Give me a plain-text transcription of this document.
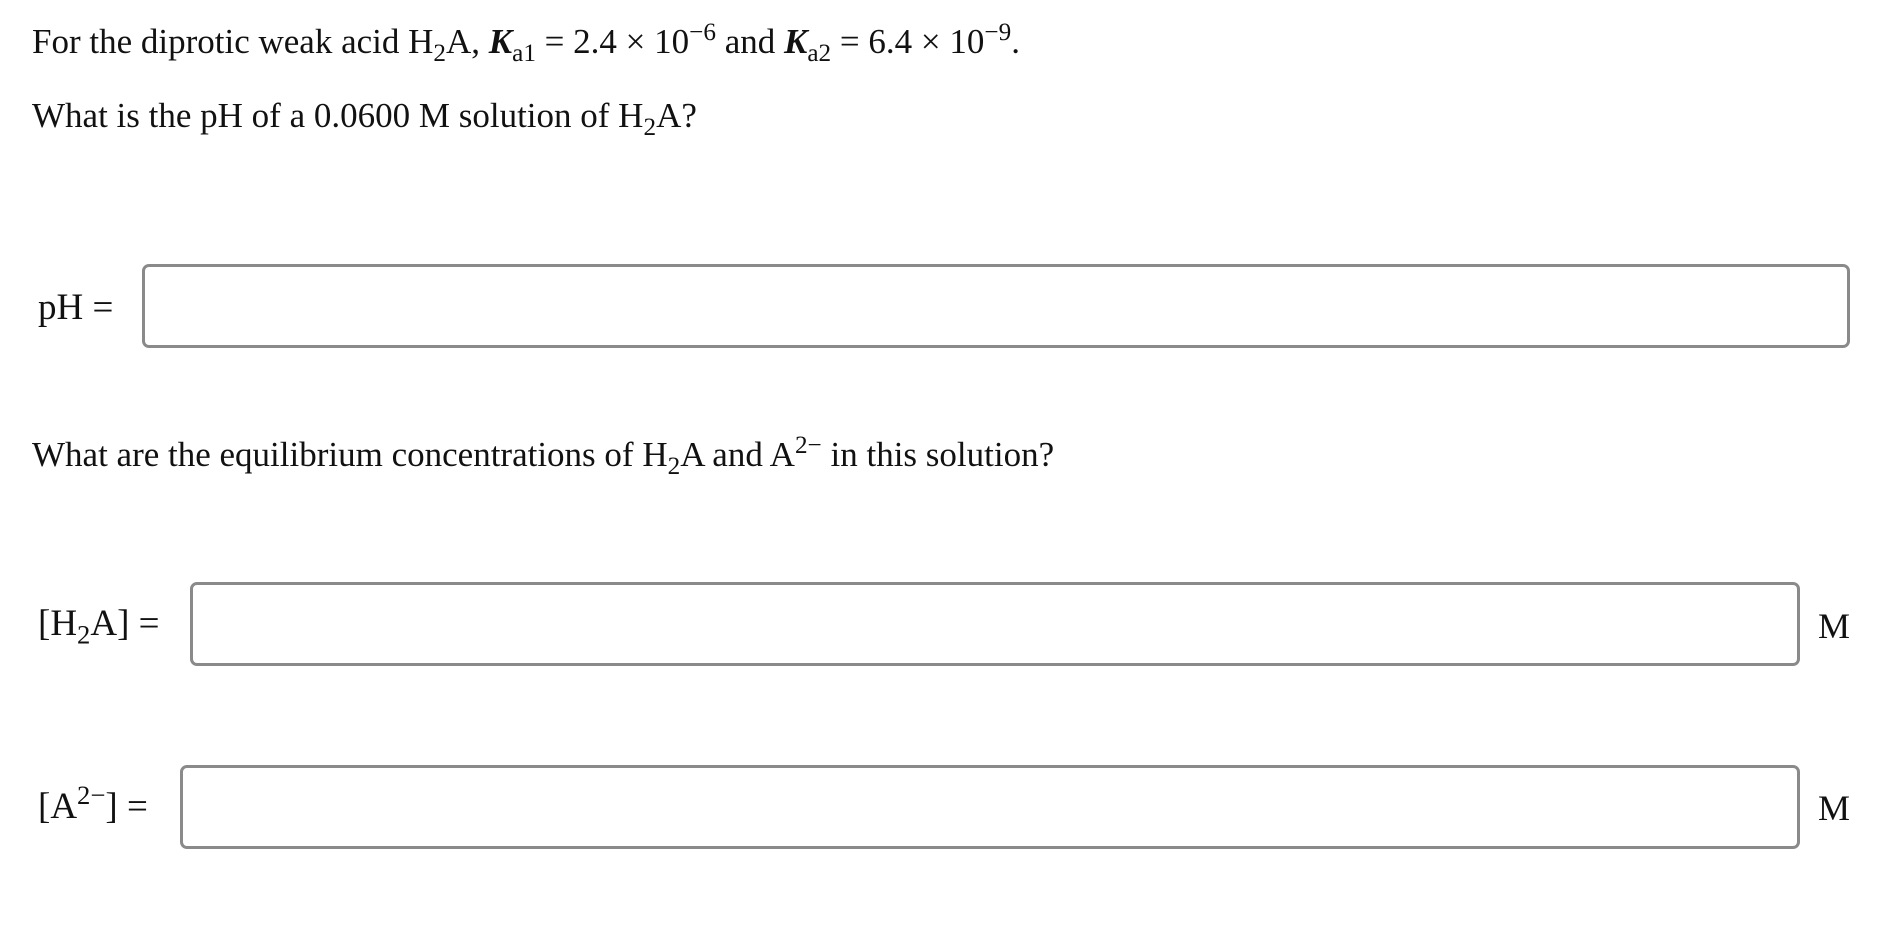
For the diprotic weak acid $H_2A$, $K_{a1} = 2.4 \times 10^{-6}$ and $K_{a2} = 6.4 \times 10^{-9}$.
What is the pH of a 0.0600 M solution of $H_2A$?
pH =
What are the equilibrium concentrations of $H_2A$ and $A^{2-}$ in this solution?
$[H_2A]$ =	M
$[A^{2-}]$ =	M
